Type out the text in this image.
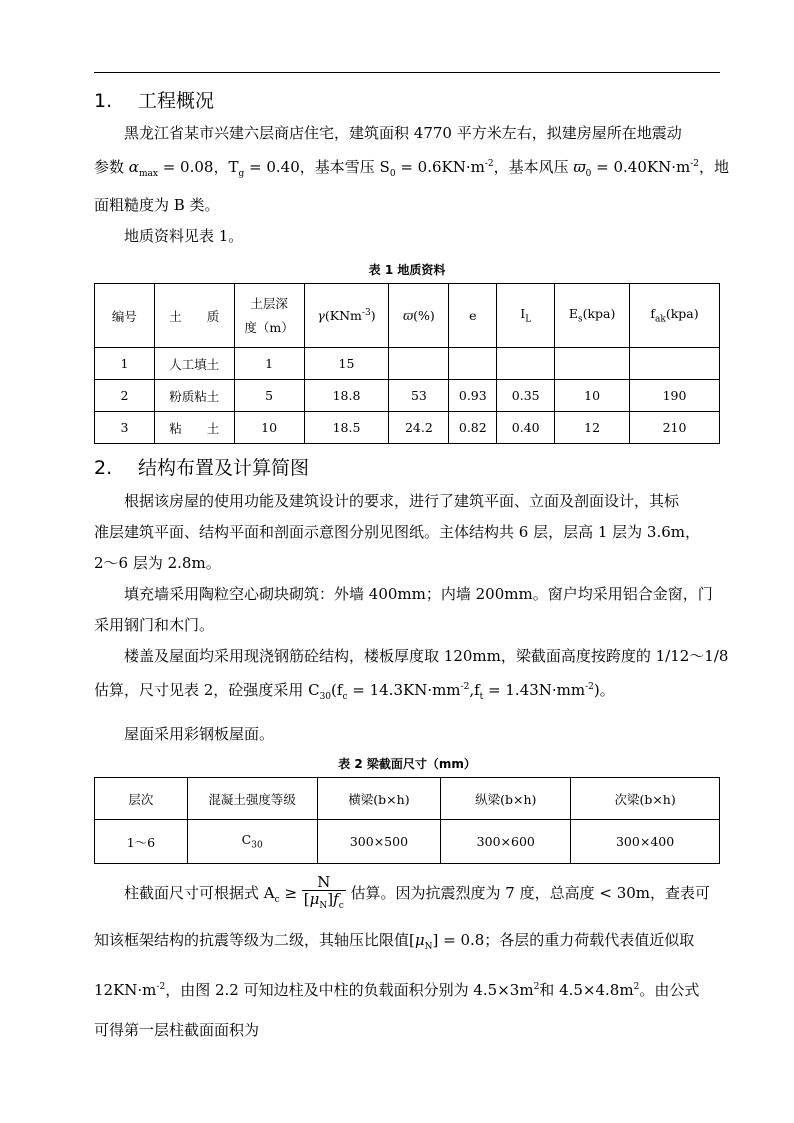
1. 工程概况
黑龙江省某市兴建六层商店住宅，建筑面积 4770 平方米左右，拟建房屋所在地震动
参数 $\alpha_{max} = 0.08$，$T_g = 0.40$，基本雪压 $S_0 = 0.6KN\cdot m^{-2}$，基本风压 $ϖ_0 = 0.40KN\cdot m^{-2}$，地
面粗糙度为 B 类。
地质资料见表 1。
表 1 地质资料
编号	土　　质	土层深
度（m）	γ(KNm$^{-3}$)	ϖ(%)	e	$I_L$	$E_s(kpa)$	$f_{ak}(kpa)$
1	人工填土	1	15					
2	粉质粘土	5	18.8	53	0.93	0.35	10	190
3	粘　　土	10	18.5	24.2	0.82	0.40	12	210
2. 结构布置及计算简图
根据该房屋的使用功能及建筑设计的要求，进行了建筑平面、立面及剖面设计，其标
准层建筑平面、结构平面和剖面示意图分别见图纸。主体结构共 6 层，层高 1 层为 3.6m，
2～6 层为 2.8m。
填充墙采用陶粒空心砌块砌筑：外墙 400mm；内墙 200mm。窗户均采用铝合金窗，门
采用钢门和木门。
楼盖及屋面均采用现浇钢筋砼结构，楼板厚度取 120mm，梁截面高度按跨度的 1/12～1/8
估算，尺寸见表 2，砼强度采用 $C_{30}(f_c = 14.3KN\cdot mm^{-2},f_t = 1.43N\cdot mm^{-2})$。
屋面采用彩钢板屋面。
表 2 梁截面尺寸（mm）
层次	混凝土强度等级	横梁(b×h)	纵梁(b×h)	次梁(b×h)
1～6	$C_{30}$	300×500	300×600	300×400
柱截面尺寸可根据式 $A_c \ge \frac{N}{[\mu_N]f_c}$ 估算。因为抗震烈度为 7 度，总高度 < 30m，查表可
知该框架结构的抗震等级为二级，其轴压比限值$[\mu_N] = 0.8$；各层的重力荷载代表值近似取
$12KN\cdot m^{-2}$，由图 2.2 可知边柱及中柱的负载面积分别为 $4.5\times 3m^2$和 $4.5\times 4.8m^2$。由公式
可得第一层柱截面面积为
